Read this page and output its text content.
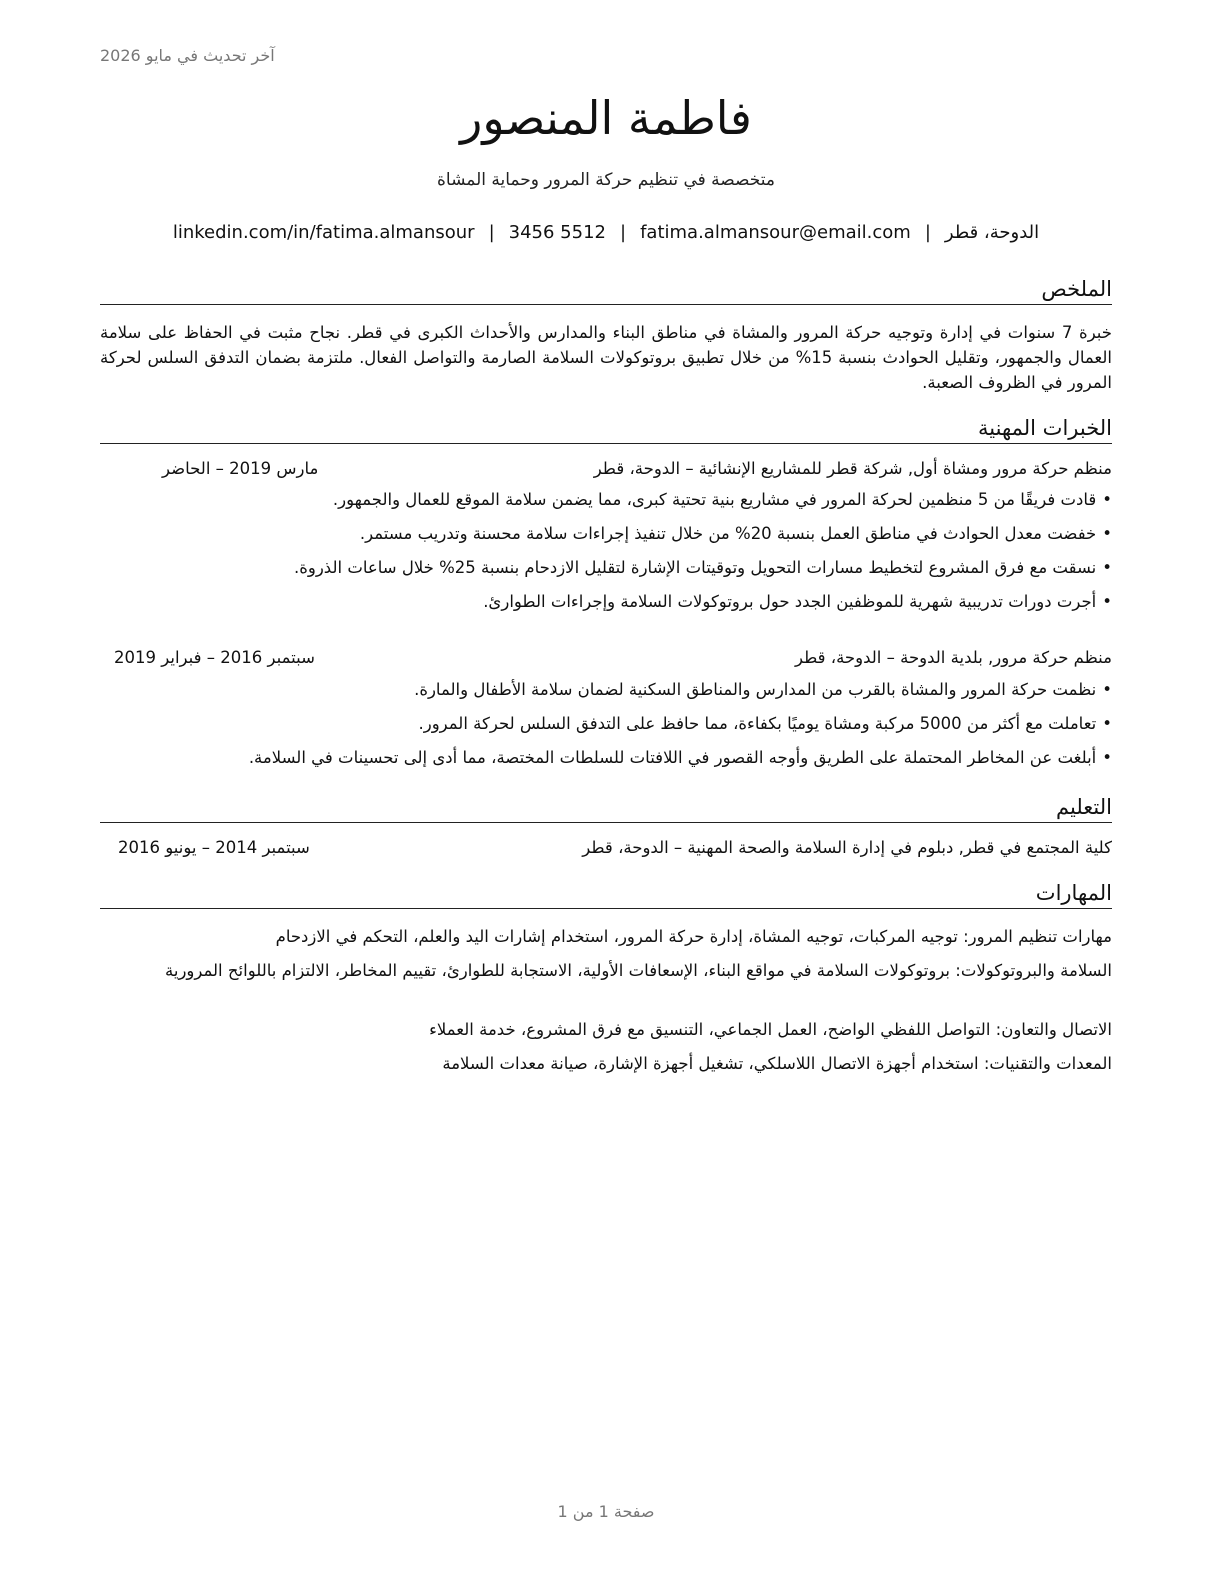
آخر تحديث في مايو 2026
فاطمة المنصور
متخصصة في تنظيم حركة المرور وحماية المشاة
الدوحة، قطر|fatima.almansour@email.com|3456 5512|linkedin.com/in/fatima.almansour
الملخص
خبرة 7 سنوات في إدارة وتوجيه حركة المرور والمشاة في مناطق البناء والمدارس والأحداث الكبرى في قطر. نجاح مثبت في الحفاظ على سلامة العمال والجمهور، وتقليل الحوادث بنسبة 15% من خلال تطبيق بروتوكولات السلامة الصارمة والتواصل الفعال. ملتزمة بضمان التدفق السلس لحركة المرور في الظروف الصعبة.
الخبرات المهنية
منظم حركة مرور ومشاة أول, شركة قطر للمشاريع الإنشائية – الدوحة، قطر
مارس 2019 – الحاضر
•قادت فريقًا من 5 منظمين لحركة المرور في مشاريع بنية تحتية كبرى، مما يضمن سلامة الموقع للعمال والجمهور.
•خفضت معدل الحوادث في مناطق العمل بنسبة 20% من خلال تنفيذ إجراءات سلامة محسنة وتدريب مستمر.
•نسقت مع فرق المشروع لتخطيط مسارات التحويل وتوقيتات الإشارة لتقليل الازدحام بنسبة 25% خلال ساعات الذروة.
•أجرت دورات تدريبية شهرية للموظفين الجدد حول بروتوكولات السلامة وإجراءات الطوارئ.
منظم حركة مرور, بلدية الدوحة – الدوحة، قطر
سبتمبر 2016 – فبراير 2019
•نظمت حركة المرور والمشاة بالقرب من المدارس والمناطق السكنية لضمان سلامة الأطفال والمارة.
•تعاملت مع أكثر من 5000 مركبة ومشاة يوميًا بكفاءة، مما حافظ على التدفق السلس لحركة المرور.
•أبلغت عن المخاطر المحتملة على الطريق وأوجه القصور في اللافتات للسلطات المختصة، مما أدى إلى تحسينات في السلامة.
التعليم
كلية المجتمع في قطر, دبلوم في إدارة السلامة والصحة المهنية – الدوحة، قطر
سبتمبر 2014 – يونيو 2016
المهارات
مهارات تنظيم المرور: توجيه المركبات، توجيه المشاة، إدارة حركة المرور، استخدام إشارات اليد والعلم، التحكم في الازدحام
السلامة والبروتوكولات: بروتوكولات السلامة في مواقع البناء، الإسعافات الأولية، الاستجابة للطوارئ، تقييم المخاطر، الالتزام باللوائح المرورية
الاتصال والتعاون: التواصل اللفظي الواضح، العمل الجماعي، التنسيق مع فرق المشروع، خدمة العملاء
المعدات والتقنيات: استخدام أجهزة الاتصال اللاسلكي، تشغيل أجهزة الإشارة، صيانة معدات السلامة
صفحة 1 من 1
